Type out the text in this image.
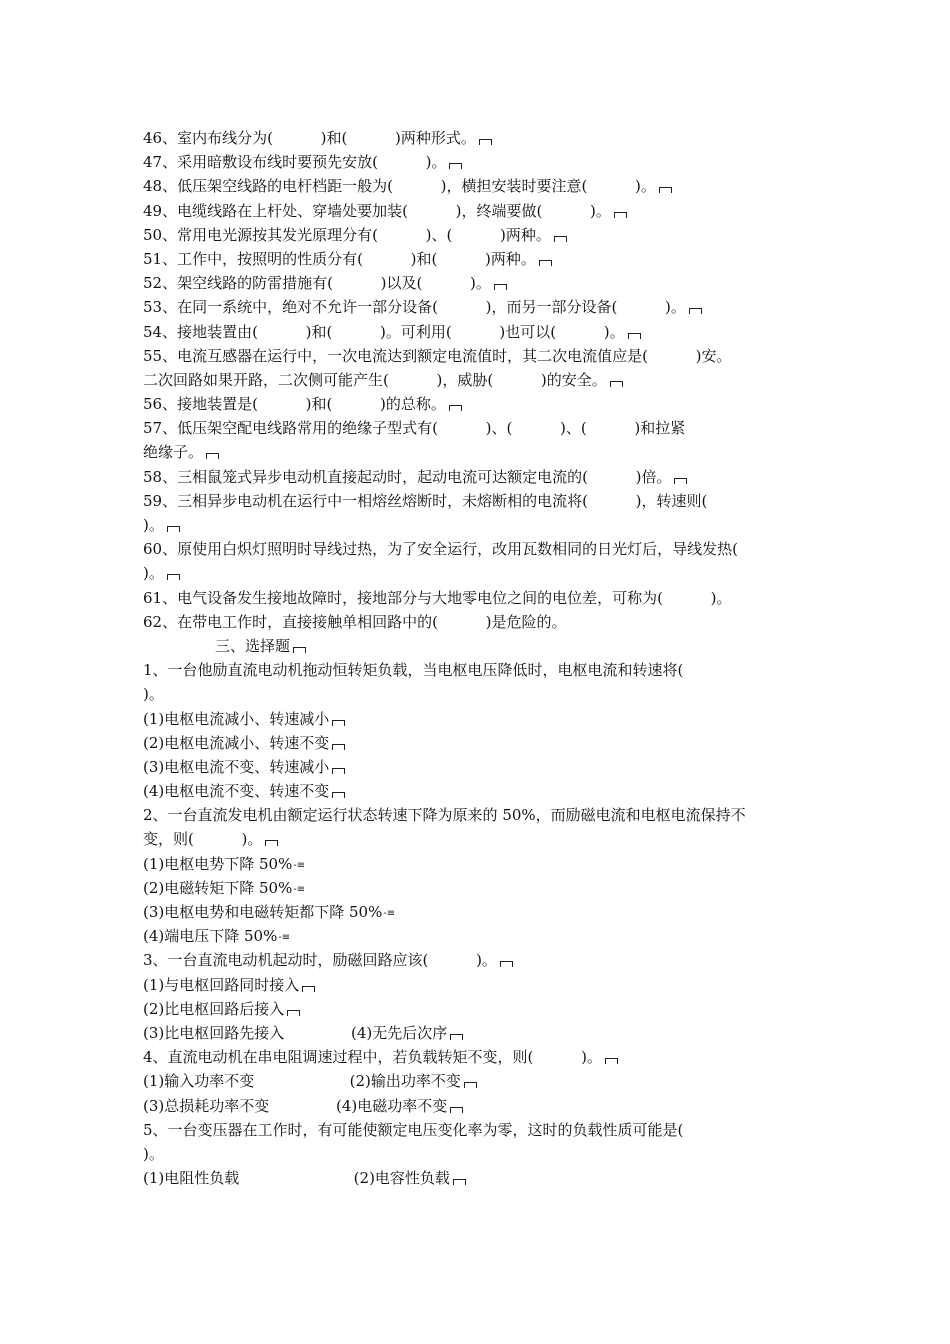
46、室内布线分为(          )和(          )两种形式。
47、采用暗敷设布线时要预先安放(          )。
48、低压架空线路的电杆档距一般为(          )，横担安装时要注意(          )。
49、电缆线路在上杆处、穿墙处要加装(          )，终端要做(          )。
50、常用电光源按其发光原理分有(          )、(          )两种。
51、工作中，按照明的性质分有(          )和(          )两种。
52、架空线路的防雷措施有(          )以及(          )。
53、在同一系统中，绝对不允许一部分设备(          )，而另一部分设备(          )。
54、接地装置由(          )和(          )。可利用(          )也可以(          )。
55、电流互感器在运行中，一次电流达到额定电流值时，其二次电流值应是(          )安。
二次回路如果开路，二次侧可能产生(          )，威胁(          )的安全。
56、接地装置是(          )和(          )的总称。
57、低压架空配电线路常用的绝缘子型式有(          )、(          )、(          )和拉紧
绝缘子。
58、三相鼠笼式异步电动机直接起动时，起动电流可达额定电流的(          )倍。
59、三相异步电动机在运行中一相熔丝熔断时，未熔断相的电流将(          )，转速则(
)。
60、原使用白炽灯照明时导线过热，为了安全运行，改用瓦数相同的日光灯后，导线发热(
)。
61、电气设备发生接地故障时，接地部分与大地零电位之间的电位差，可称为(          )。
62、在带电工作时，直接接触单相回路中的(          )是危险的。
三、选择题
1、一台他励直流电动机拖动恒转矩负载，当电枢电压降低时，电枢电流和转速将(
)。
(1)电枢电流减小、转速减小
(2)电枢电流减小、转速不变
(3)电枢电流不变、转速减小
(4)电枢电流不变、转速不变
2、一台直流发电机由额定运行状态转速下降为原来的 50%，而励磁电流和电枢电流保持不
变，则(          )。
(1)电枢电势下降 50%-≡
(2)电磁转矩下降 50%-≡
(3)电枢电势和电磁转矩都下降 50%-≡
(4)端电压下降 50%-≡
3、一台直流电动机起动时，励磁回路应该(          )。
(1)与电枢回路同时接入
(2)比电枢回路后接入
(3)比电枢回路先接入              (4)无先后次序
4、直流电动机在串电阻调速过程中，若负载转矩不变，则(          )。
(1)输入功率不变                    (2)输出功率不变
(3)总损耗功率不变              (4)电磁功率不变
5、一台变压器在工作时，有可能使额定电压变化率为零，这时的负载性质可能是(
)。
(1)电阻性负载                        (2)电容性负载
